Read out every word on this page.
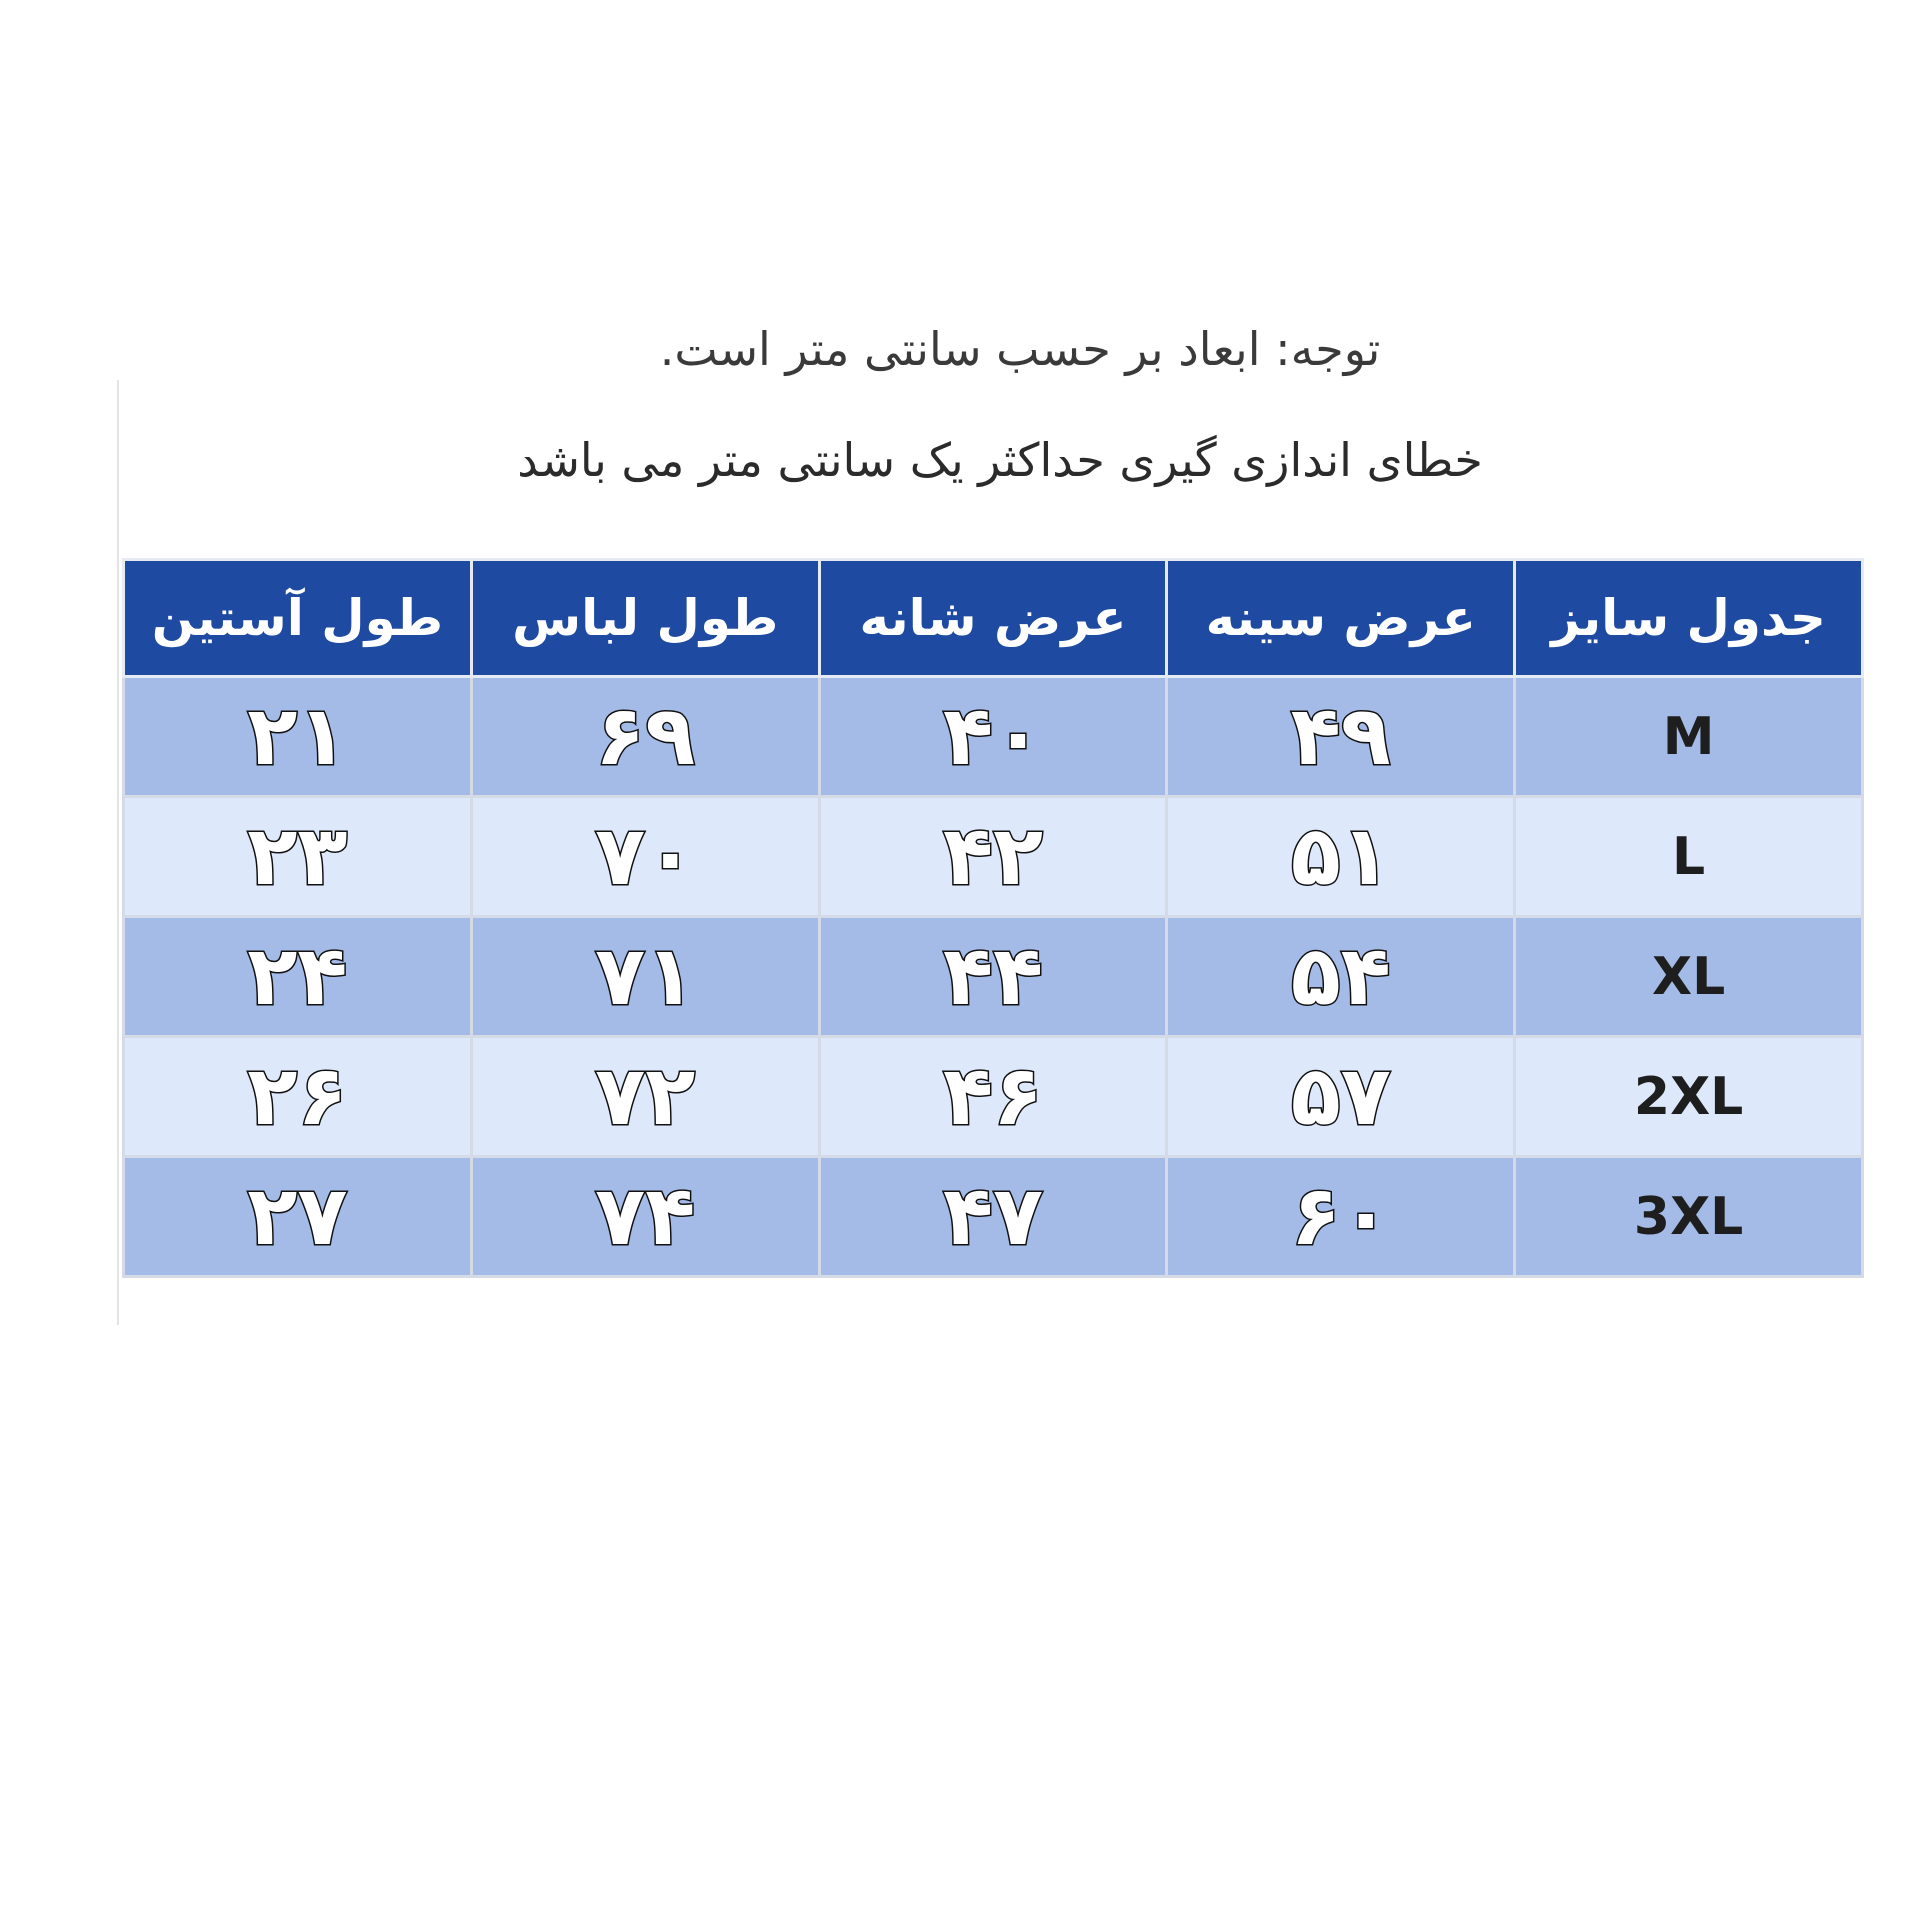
توجه: ابعاد بر حسب سانتی متر است.
خطای اندازی گیری حداکثر یک سانتی متر می باشد
جدول سایز	عرض سینه	عرض شانه	طول لباس	طول آستین
M	۴۹	۴۰	۶۹	۲۱
L	۵۱	۴۲	۷۰	۲۳
XL	۵۴	۴۴	۷۱	۲۴
2XL	۵۷	۴۶	۷۲	۲۶
3XL	۶۰	۴۷	۷۴	۲۷
